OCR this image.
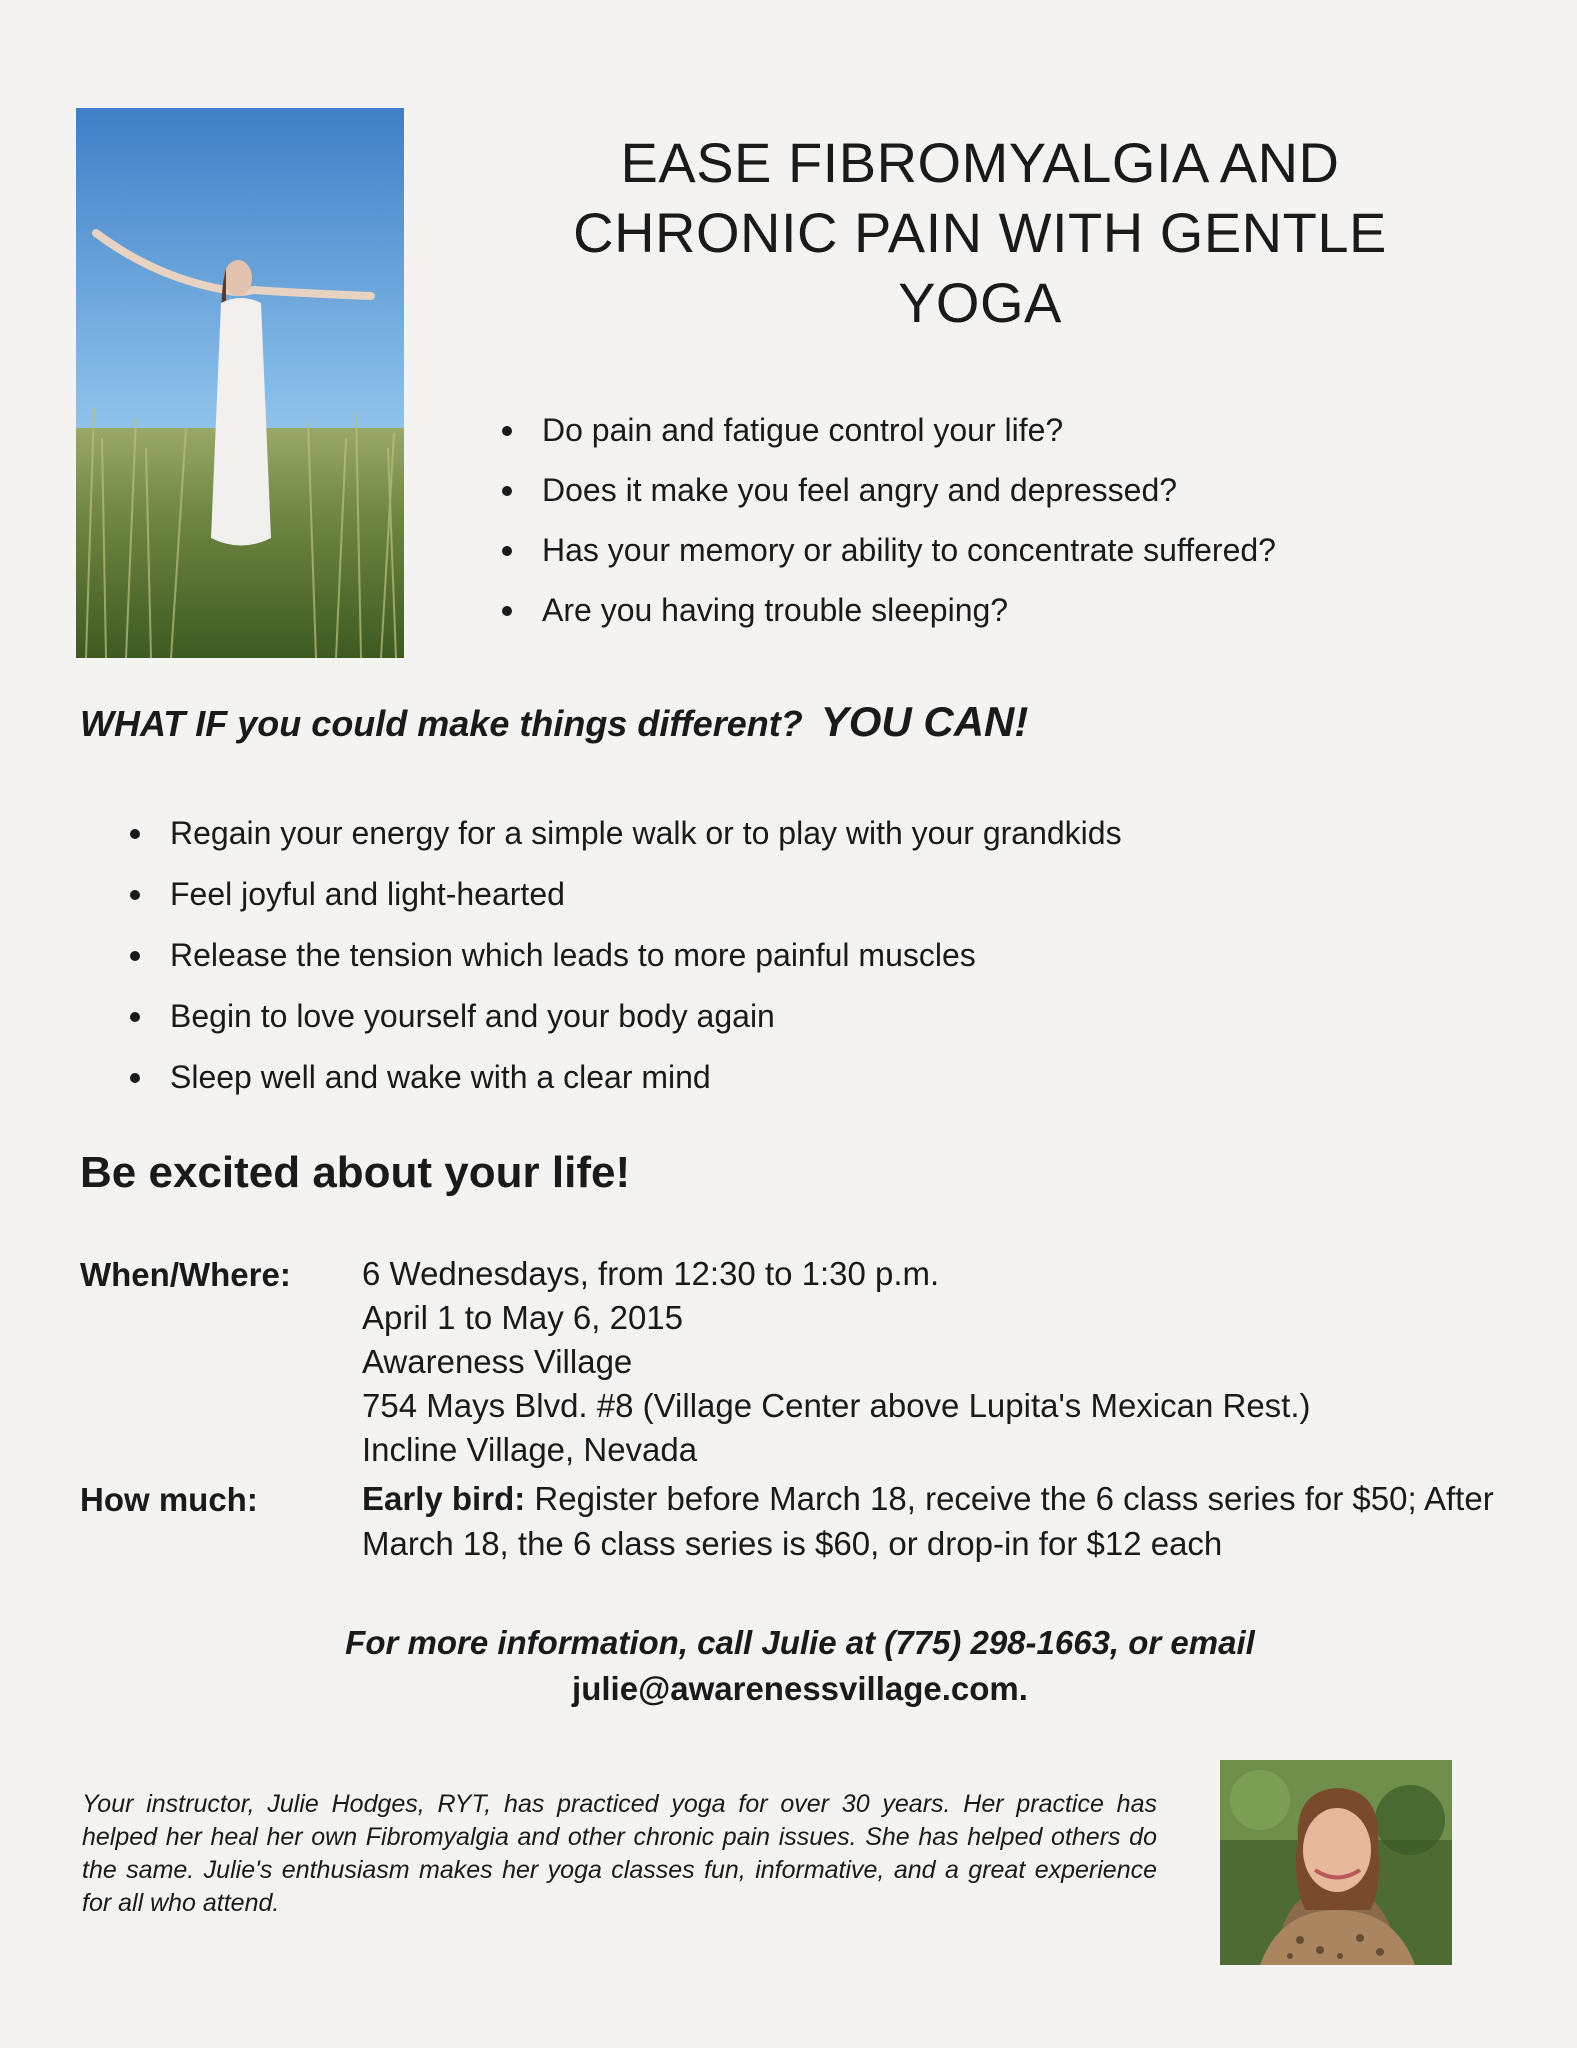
EASE FIBROMYALGIA AND
CHRONIC PAIN WITH GENTLE
YOGA
Do pain and fatigue control your life?
Does it make you feel angry and depressed?
Has your memory or ability to concentrate suffered?
Are you having trouble sleeping?
WHAT IF you could make things different? YOU CAN!
Regain your energy for a simple walk or to play with your grandkids
Feel joyful and light-hearted
Release the tension which leads to more painful muscles
Begin to love yourself and your body again
Sleep well and wake with a clear mind
Be excited about your life!
When/Where: 6 Wednesdays, from 12:30 to 1:30 p.m.
April 1 to May 6, 2015
Awareness Village
754 Mays Blvd. #8 (Village Center above Lupita's Mexican Rest.)
Incline Village, Nevada
How much:	Early bird: Register before March 18, receive the 6 class series for $50; After March 18, the 6 class series is $60, or drop-in for $12 each
For more information, call Julie at (775) 298-1663, or email
julie@awarenessvillage.com.

Your instructor, Julie Hodges, RYT, has practiced yoga for over 30 years. Her practice has helped her heal her own Fibromyalgia and other chronic pain issues. She has helped others do the same. Julie's enthusiasm makes her yoga classes fun, informative, and a great experience for all who attend.
